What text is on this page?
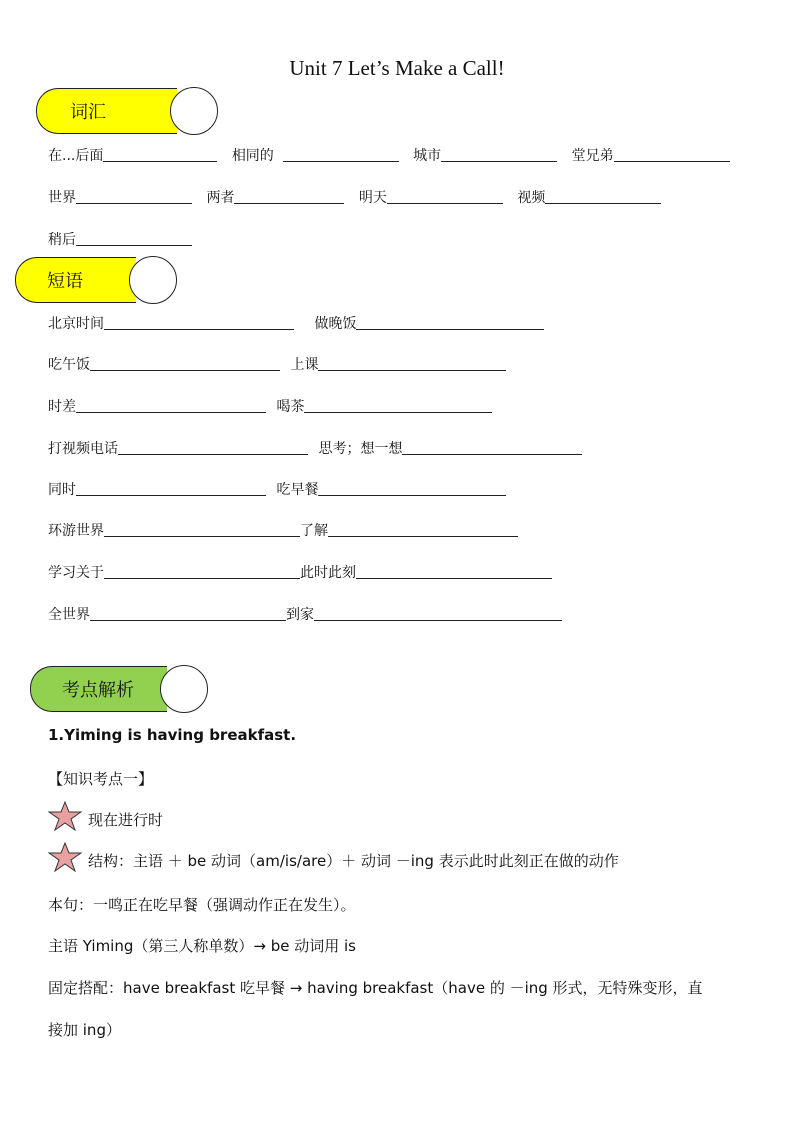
Unit 7 Let’s Make a Call!
词汇
短语
在...后面	相同的	城市	堂兄弟
世界	两者	明天	视频
稍后
北京时间	做晚饭
吃午饭	上课
时差	喝茶
打视频电话	思考；想一想
同时	吃早餐
环游世界	了解
学习关于	此时此刻
全世界	到家
考点解析
1.Yiming is having breakfast.
【知识考点一】
现在进行时
结构：主语 ＋ be 动词（am/is/are）＋ 动词 －ing 表示此时此刻正在做的动作
本句：一鸣正在吃早餐（强调动作正在发生）。
主语 Yiming（第三人称单数）→ be 动词用 is
固定搭配：have breakfast 吃早餐 → having breakfast（have 的 －ing 形式，无特殊变形，直
接加 ing）
